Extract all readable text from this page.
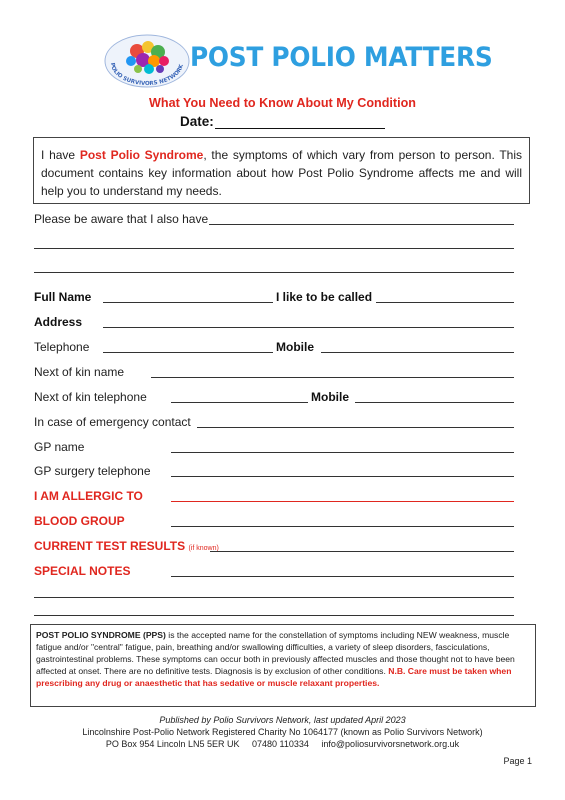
POLIO SURVIVORS NETWORK POST POLIO MATTERS
What You Need to Know About My Condition
Date:
I have Post Polio Syndrome, the symptoms of which vary from person to person. This document contains key information about how Post Polio Syndrome affects me and will help you to understand my needs.
Please be aware that I also have
Full Name	I like to be called
Address
Telephone	Mobile
Next of kin name
Next of kin telephone	Mobile
In case of emergency contact
GP name
GP surgery telephone
I AM ALLERGIC TO
BLOOD GROUP
CURRENT TEST RESULTS (if known)
SPECIAL NOTES
POST POLIO SYNDROME (PPS) is the accepted name for the constellation of symptoms including NEW weakness, muscle fatigue and/or "central" fatigue, pain, breathing and/or swallowing difficulties, a variety of sleep disorders, fasciculations, gastrointestinal problems. These symptoms can occur both in previously affected muscles and those thought not to have been affected at onset. There are no definitive tests. Diagnosis is by exclusion of other conditions. N.B. Care must be taken when prescribing any drug or anaesthetic that has sedative or muscle relaxant properties.
Published by Polio Survivors Network, last updated April 2023
Lincolnshire Post-Polio Network Registered Charity No 1064177 (known as Polio Survivors Network)
PO Box 954 Lincoln LN5 5ER UK 07480 110334 info@poliosurvivorsnetwork.org.uk
Page 1
